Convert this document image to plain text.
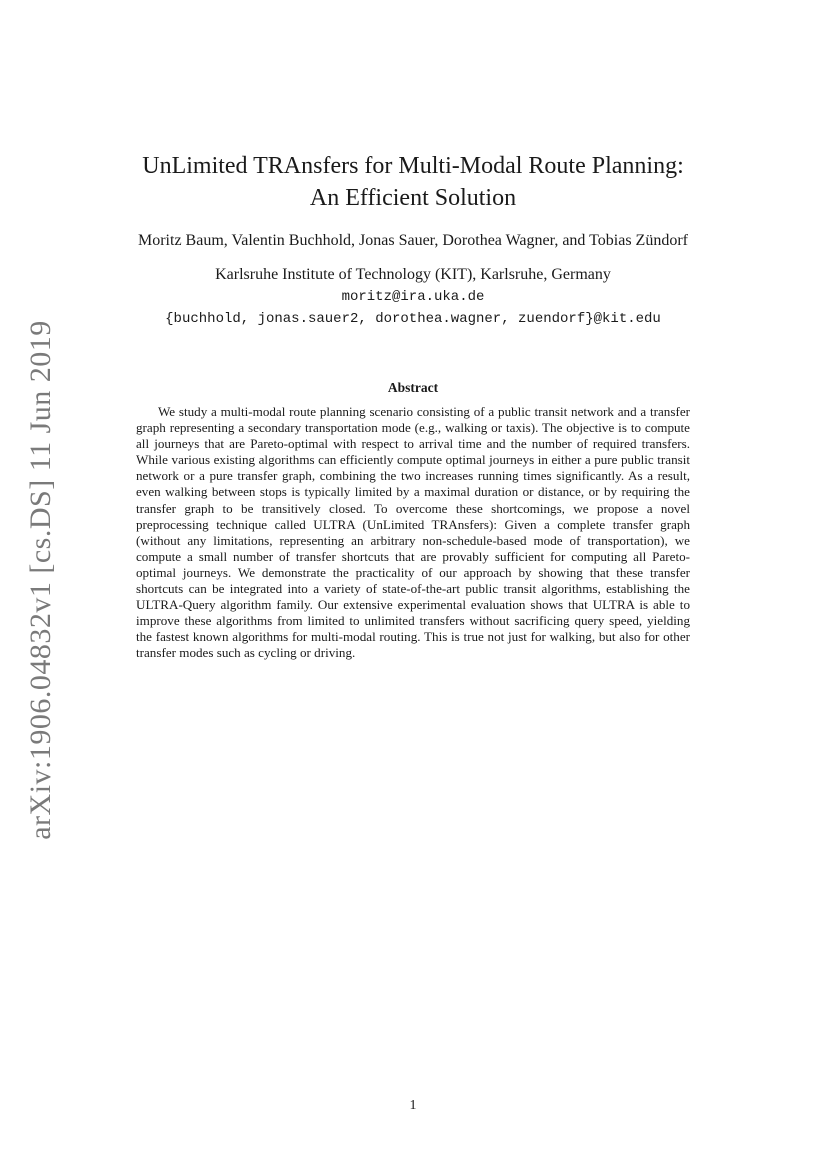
arXiv:1906.04832v1 [cs.DS] 11 Jun 2019
UnLimited TRAnsfers for Multi-Modal Route Planning:
An Efficient Solution
Moritz Baum, Valentin Buchhold, Jonas Sauer, Dorothea Wagner, and Tobias Zündorf
Karlsruhe Institute of Technology (KIT), Karlsruhe, Germany
moritz@ira.uka.de
{buchhold, jonas.sauer2, dorothea.wagner, zuendorf}@kit.edu
Abstract

We study a multi-modal route planning scenario consisting of a public transit network and a transfer graph representing a secondary transportation mode (e.g., walking or taxis). The objective is to compute all journeys that are Pareto-optimal with respect to arrival time and the number of required transfers. While various existing algorithms can efficiently compute optimal journeys in either a pure public transit network or a pure transfer graph, combining the two increases running times significantly. As a result, even walking between stops is typically limited by a maximal duration or distance, or by requiring the transfer graph to be transitively closed. To overcome these shortcomings, we propose a novel preprocessing technique called ULTRA (UnLimited TRAnsfers): Given a complete transfer graph (without any limitations, representing an arbitrary non-schedule-based mode of transportation), we compute a small number of transfer shortcuts that are provably sufficient for computing all Pareto-optimal journeys. We demonstrate the practicality of our approach by showing that these transfer shortcuts can be integrated into a variety of state-of-the-art public transit algorithms, establishing the ULTRA-Query algorithm family. Our extensive experimental evaluation shows that ULTRA is able to improve these algorithms from limited to unlimited transfers without sacrificing query speed, yielding the fastest known algorithms for multi-modal routing. This is true not just for walking, but also for other transfer modes such as cycling or driving.

1
